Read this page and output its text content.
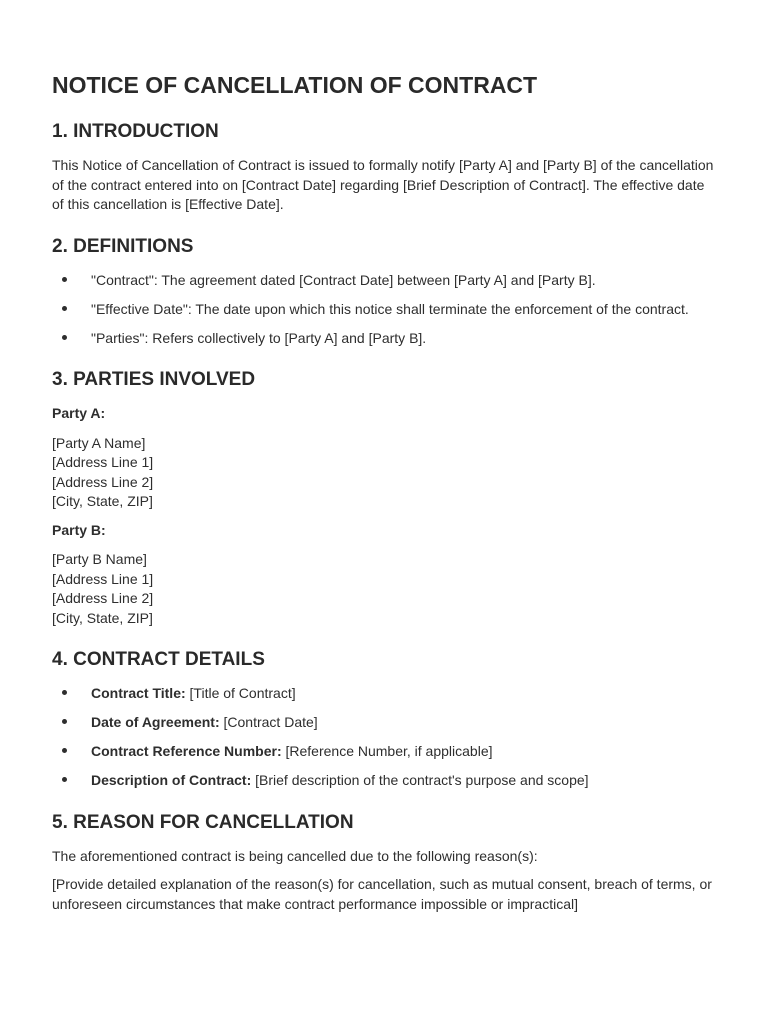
NOTICE OF CANCELLATION OF CONTRACT
1. INTRODUCTION

This Notice of Cancellation of Contract is issued to formally notify [Party A] and [Party B] of the cancellation of the contract entered into on [Contract Date] regarding [Brief Description of Contract]. The effective date of this cancellation is [Effective Date].

2. DEFINITIONS
"Contract": The agreement dated [Contract Date] between [Party A] and [Party B].
"Effective Date": The date upon which this notice shall terminate the enforcement of the contract.
"Parties": Refers collectively to [Party A] and [Party B].
3. PARTIES INVOLVED
Party A:
[Party A Name]
[Address Line 1]
[Address Line 2]
[City, State, ZIP]
Party B:
[Party B Name]
[Address Line 1]
[Address Line 2]
[City, State, ZIP]
4. CONTRACT DETAILS
Contract Title: [Title of Contract]
Date of Agreement: [Contract Date]
Contract Reference Number: [Reference Number, if applicable]
Description of Contract: [Brief description of the contract's purpose and scope]
5. REASON FOR CANCELLATION

The aforementioned contract is being cancelled due to the following reason(s):

[Provide detailed explanation of the reason(s) for cancellation, such as mutual consent, breach of terms, or unforeseen circumstances that make contract performance impossible or impractical]
